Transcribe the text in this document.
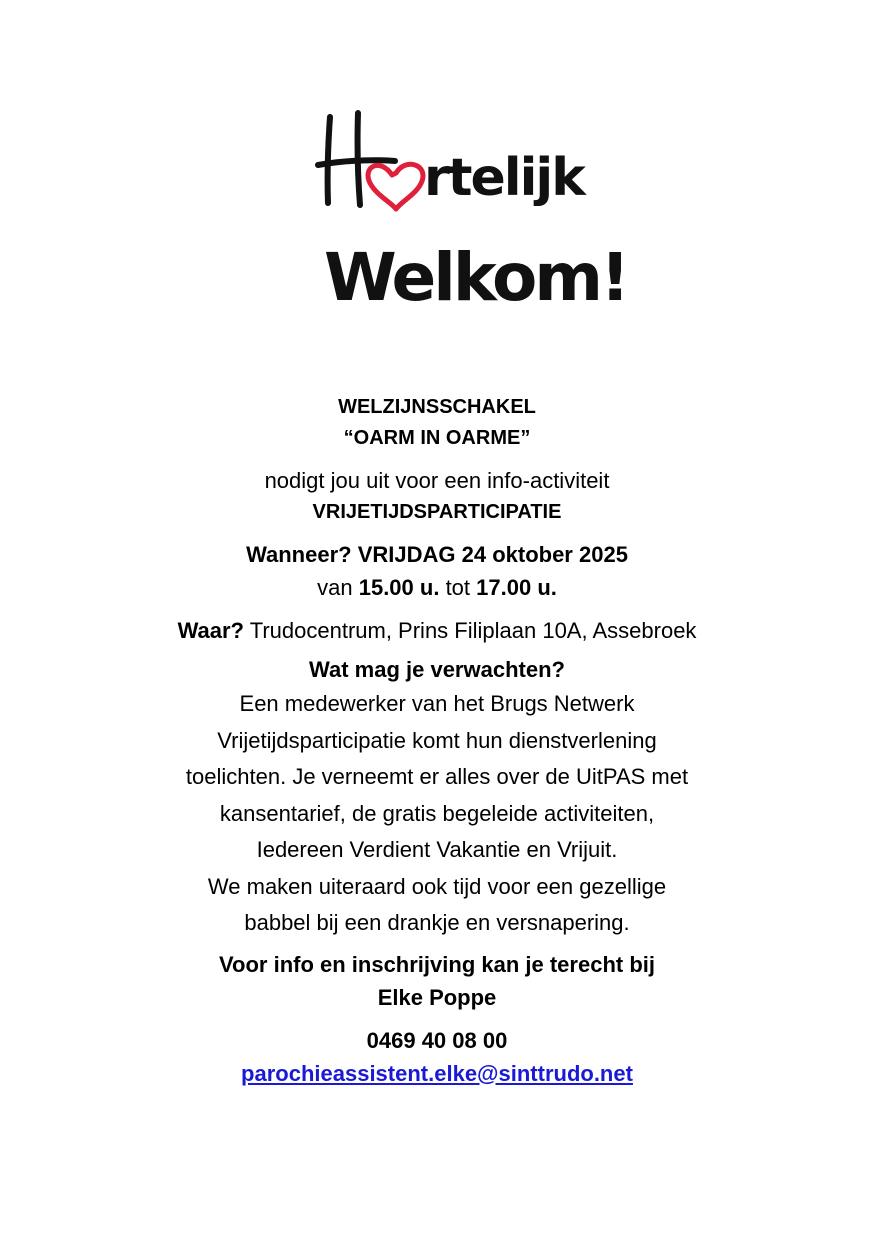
rtelijk
Welkom!
WELZIJNSSCHAKEL
“OARM IN OARME”
nodigt jou uit voor een info-activiteit
VRIJETIJDSPARTICIPATIE
Wanneer? VRIJDAG 24 oktober 2025
van 15.00 u. tot 17.00 u.
Waar? Trudocentrum, Prins Filiplaan 10A, Assebroek
Wat mag je verwachten?
Een medewerker van het Brugs Netwerk
Vrijetijdsparticipatie komt hun dienstverlening
toelichten. Je verneemt er alles over de UitPAS met
kansentarief, de gratis begeleide activiteiten,
Iedereen Verdient Vakantie en Vrijuit.
We maken uiteraard ook tijd voor een gezellige
babbel bij een drankje en versnapering.
Voor info en inschrijving kan je terecht bij
Elke Poppe
0469 40 08 00
parochieassistent.elke@sinttrudo.net
